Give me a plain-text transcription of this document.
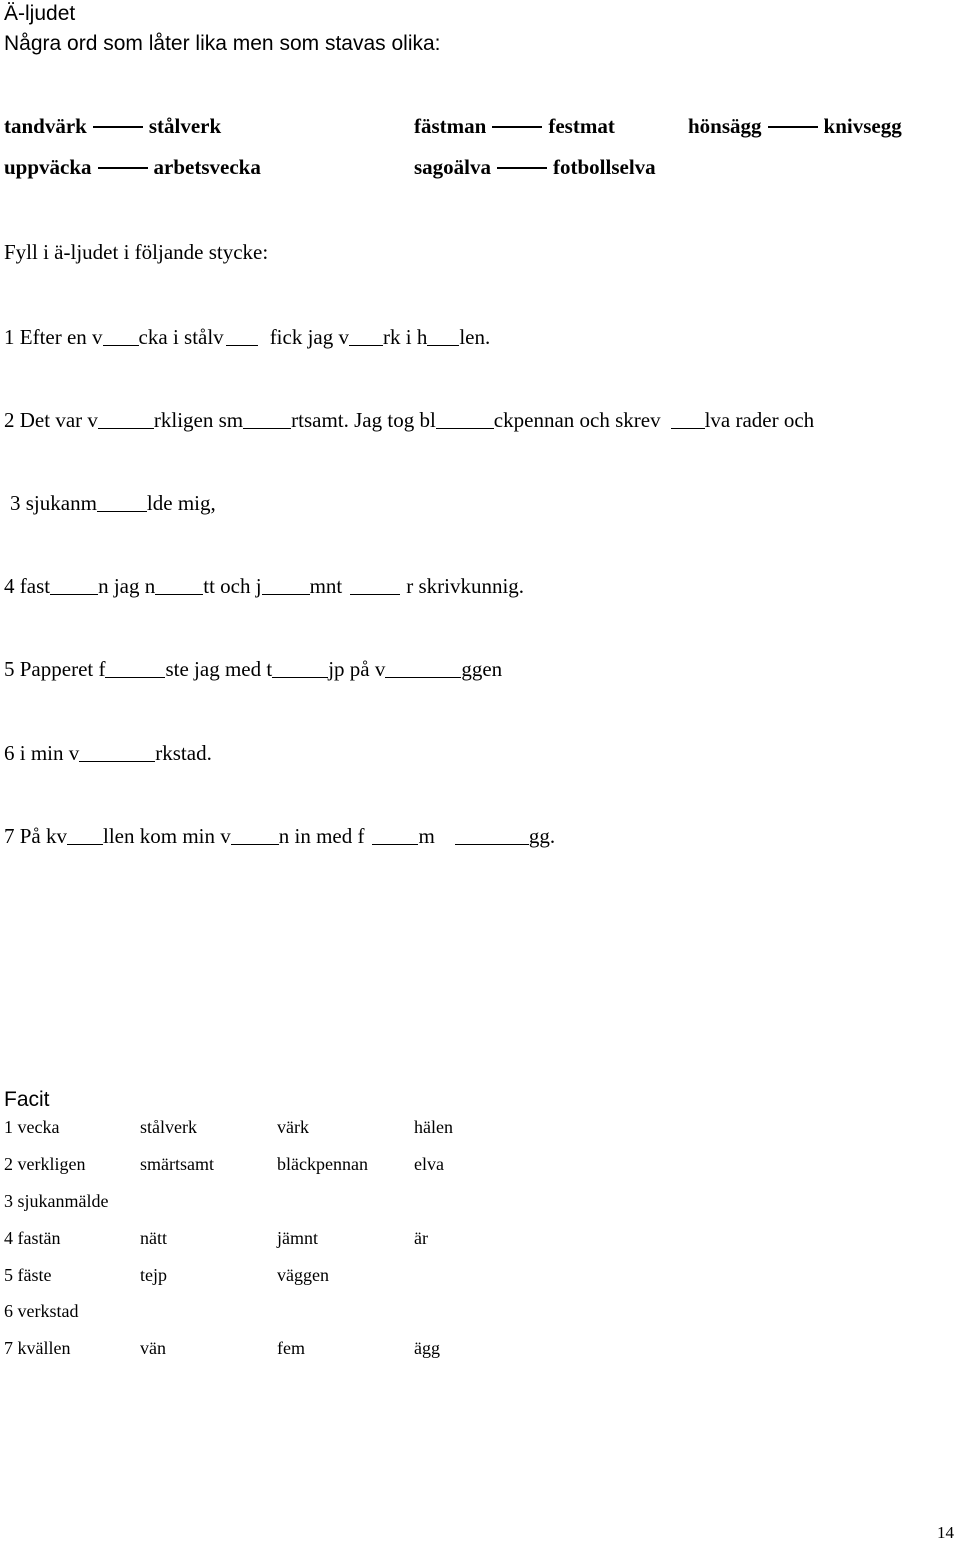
Ä-ljudet
Några ord som låter lika men som stavas olika:
tandvärk	stålverk	fästman	festmat	hönsägg	knivsegg
uppväcka	arbetsvecka	sagoälva	fotbollselva
Fyll i ä-ljudet i följande stycke:
1 Efter en v cka i stålv fick jag v rk i h len.
2 Det var v	rkligen sm rtsamt. Jag tog bl	ckpennan och skrev lva rader och
3 sjukanm lde mig,
4 fast n jag n tt och j mnt	r skrivkunnig.
5 Papperet f	ste jag med t	jp på v	ggen
6 i min v	rkstad.
7 På kv llen kom min v n in med f	m	gg.
Facit
1 vecka	stålverk	värk	hälen
2 verkligen	smärtsamt	bläckpennan	elva
3 sjukanmälde
4 fastän	nätt	jämnt	är
5 fäste	tejp	väggen
6 verkstad
7 kvällen	vän	fem	ägg
14
